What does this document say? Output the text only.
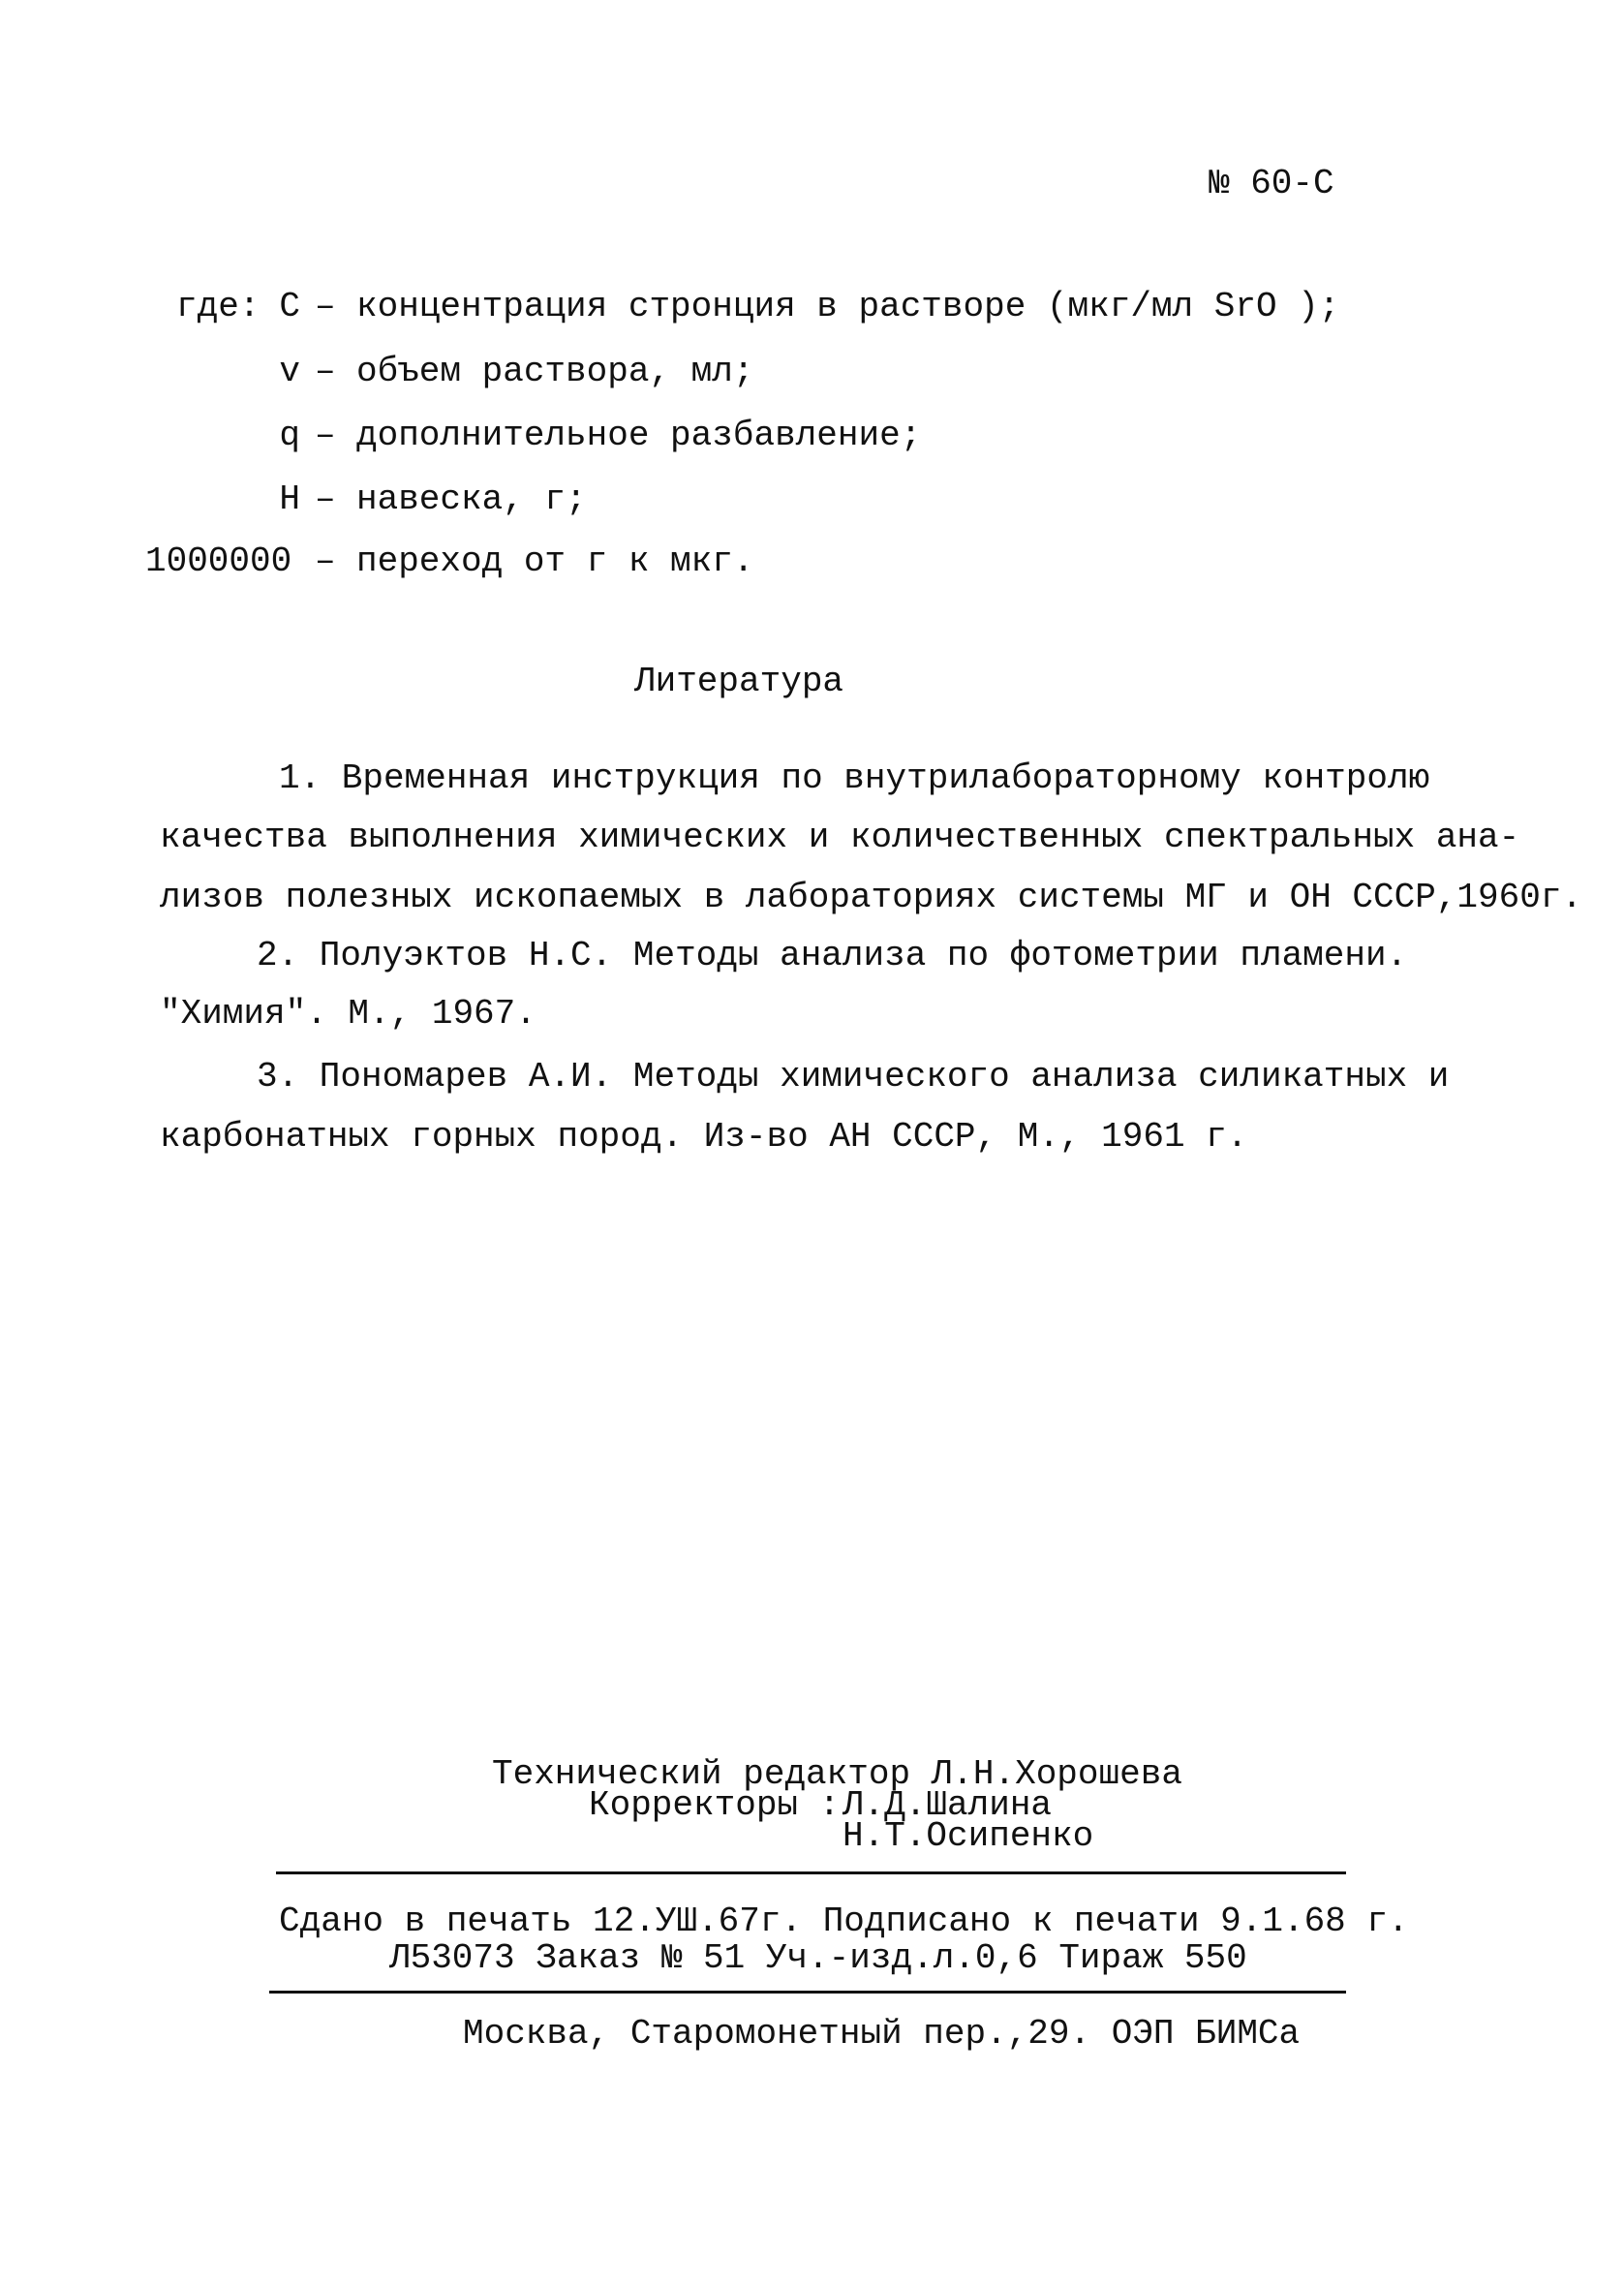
№ 60-C
где: C – концентрация стронция в растворе (мкг/мл SrO );
v – объем раствора, мл;
q – дополнительное разбавление;
Н – навеска, г;
1000000 – переход от г к мкг.
Литература
1. Временная инструкция по внутрилабораторному контролю
качества выполнения химических и количественных спектральных ана-
лизов полезных ископаемых в лабораториях системы МГ и ОН СССР,1960г.
2. Полуэктов Н.С. Методы анализа по фотометрии пламени.
"Химия". М., 1967.
3. Пономарев А.И. Методы химического анализа силикатных и
карбонатных горных пород. Из-во АН СССР, М., 1961 г.
Технический редактор Л.Н.Хорошева
Корректоры : Л.Д.Шалина
Н.Т.Осипенко
Сдано в печать 12.УШ.67г. Подписано к печати 9.1.68 г.
Л53073 Заказ № 51 Уч.-изд.л.0,6 Тираж 550
Москва, Старомонетный пер.,29. ОЭП БИМСа
